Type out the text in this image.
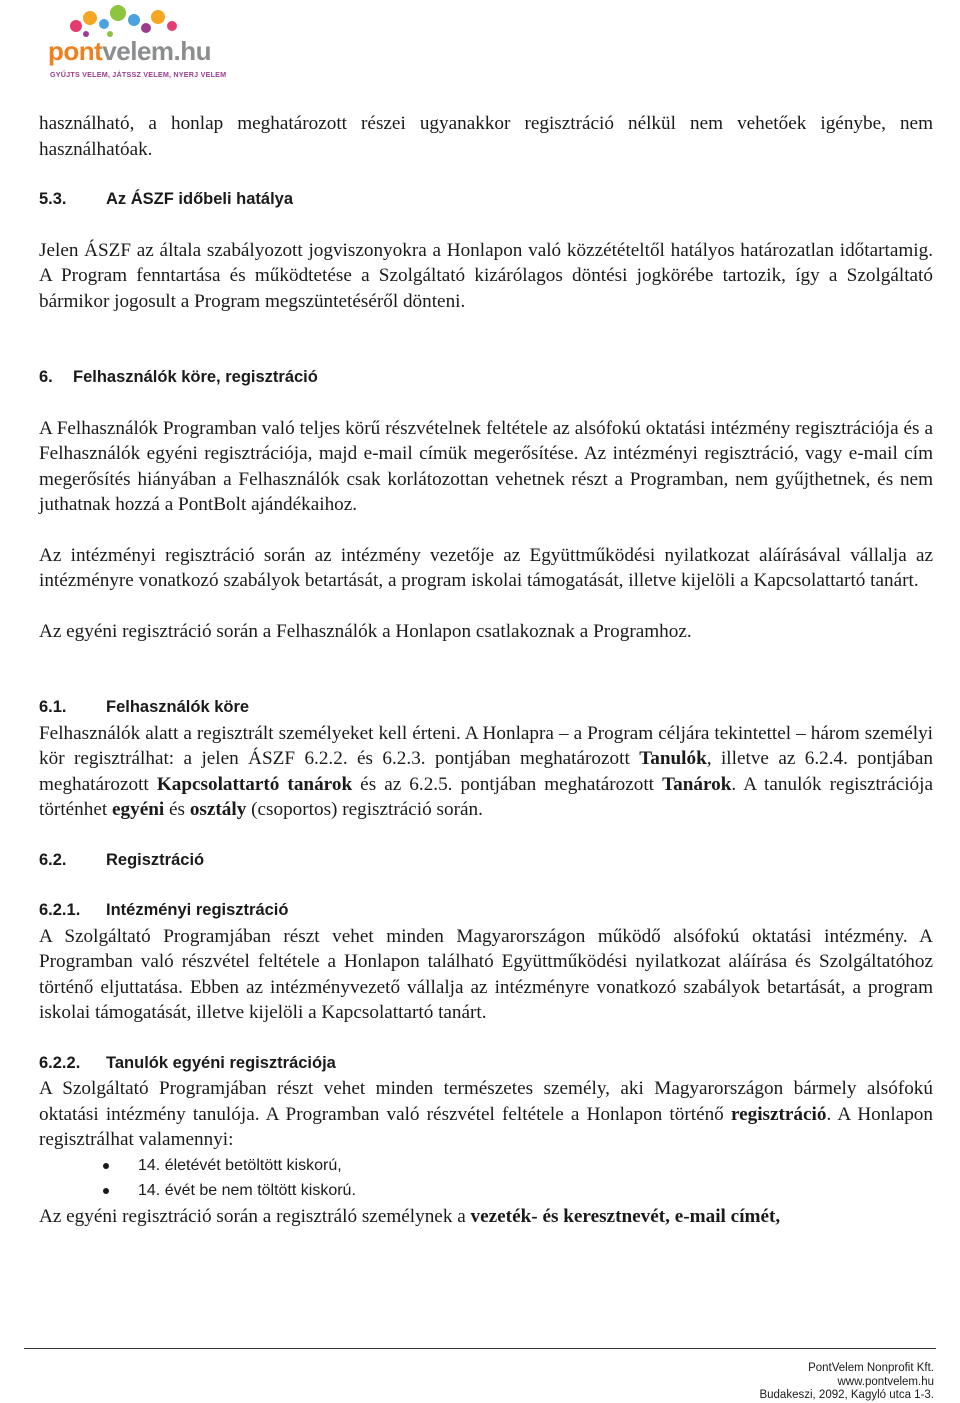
pontvelem.hu
GYŰJTS VELEM, JÁTSSZ VELEM, NYERJ VELEM

használható, a honlap meghatározott részei ugyanakkor regisztráció nélkül nem vehetőek igénybe, nem használhatóak.

5.3. Az ÁSZF időbeli hatálya

Jelen ÁSZF az általa szabályozott jogviszonyokra a Honlapon való közzétételtől hatályos határozatlan időtartamig. A Program fenntartása és működtetése a Szolgáltató kizárólagos döntési jogkörébe tartozik, így a Szolgáltató bármikor jogosult a Program megszüntetéséről dönteni.

6. Felhasználók köre, regisztráció

A Felhasználók Programban való teljes körű részvételnek feltétele az alsófokú oktatási intézmény regisztrációja és a Felhasználók egyéni regisztrációja, majd e-mail címük megerősítése. Az intézményi regisztráció, vagy e-mail cím megerősítés hiányában a Felhasználók csak korlátozottan vehetnek részt a Programban, nem gyűjthetnek, és nem juthatnak hozzá a PontBolt ajándékaihoz.

Az intézményi regisztráció során az intézmény vezetője az Együttműködési nyilatkozat aláírásával vállalja az intézményre vonatkozó szabályok betartását, a program iskolai támogatását, illetve kijelöli a Kapcsolattartó tanárt.

Az egyéni regisztráció során a Felhasználók a Honlapon csatlakoznak a Programhoz.

6.1. Felhasználók köre

Felhasználók alatt a regisztrált személyeket kell érteni. A Honlapra – a Program céljára tekintettel – három személyi kör regisztrálhat: a jelen ÁSZF 6.2.2. és 6.2.3. pontjában meghatározott Tanulók, illetve az 6.2.4. pontjában meghatározott Kapcsolattartó tanárok és az 6.2.5. pontjában meghatározott Tanárok. A tanulók regisztrációja történhet egyéni és osztály (csoportos) regisztráció során.

6.2. Regisztráció
6.2.1. Intézményi regisztráció

A Szolgáltató Programjában részt vehet minden Magyarországon működő alsófokú oktatási intézmény. A Programban való részvétel feltétele a Honlapon található Együttműködési nyilatkozat aláírása és Szolgáltatóhoz történő eljuttatása. Ebben az intézményvezető vállalja az intézményre vonatkozó szabályok betartását, a program iskolai támogatását, illetve kijelöli a Kapcsolattartó tanárt.

6.2.2. Tanulók egyéni regisztrációja

A Szolgáltató Programjában részt vehet minden természetes személy, aki Magyarországon bármely alsófokú oktatási intézmény tanulója. A Programban való részvétel feltétele a Honlapon történő regisztráció. A Honlapon regisztrálhat valamennyi:

14. életévét betöltött kiskorú,
14. évét be nem töltött kiskorú.

Az egyéni regisztráció során a regisztráló személynek a vezeték- és keresztnevét, e-mail címét,

PontVelem Nonprofit Kft.
www.pontvelem.hu
Budakeszi, 2092, Kagyló utca 1-3.
